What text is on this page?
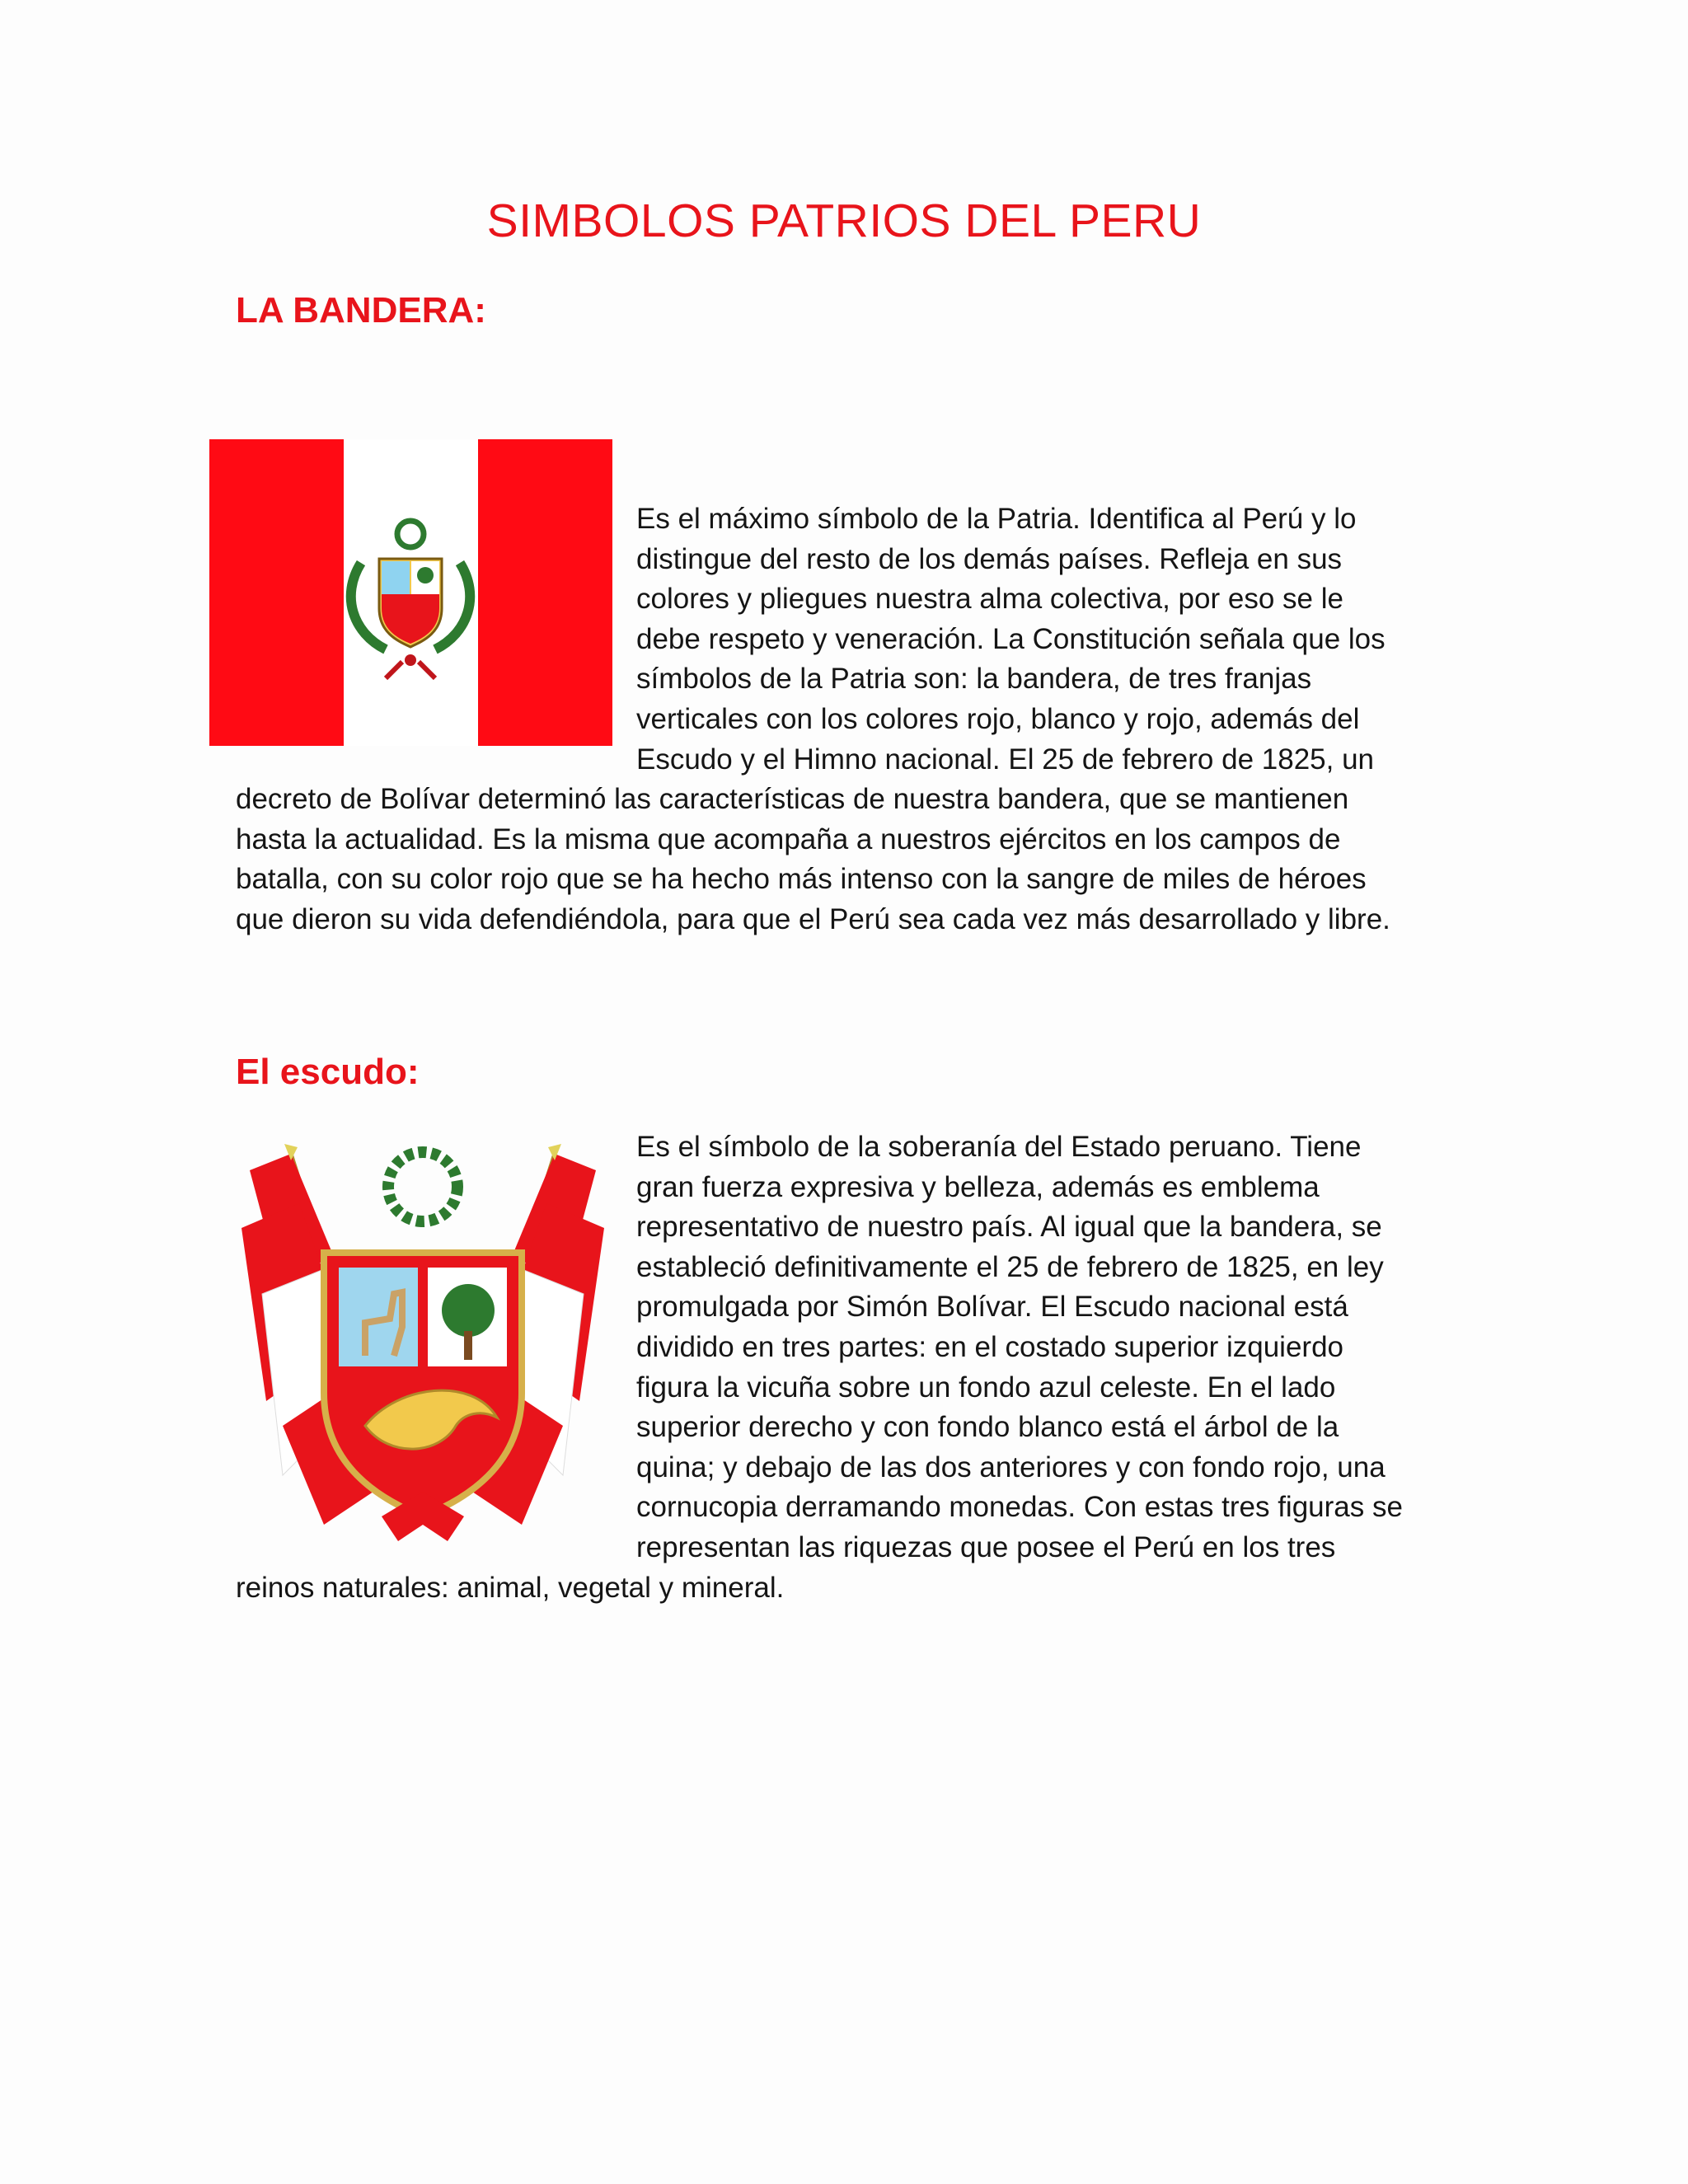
SIMBOLOS PATRIOS DEL PERU
LA BANDERA:

Es el máximo símbolo de la Patria. Identifica al Perú y lo

distingue del resto de los demás países. Refleja en sus

colores y pliegues nuestra alma colectiva, por eso se le

debe respeto y veneración. La Constitución señala que los

símbolos de la Patria son: la bandera, de tres franjas

verticales con los colores rojo, blanco y rojo, además del

Escudo y el Himno nacional. El 25 de febrero de 1825, un

decreto de Bolívar determinó las características de nuestra bandera, que se mantienen

hasta la actualidad. Es la misma que acompaña a nuestros ejércitos en los campos de

batalla, con su color rojo que se ha hecho más intenso con la sangre de miles de héroes

que dieron su vida defendiéndola, para que el Perú sea cada vez más desarrollado y libre.

El escudo:

Es el símbolo de la soberanía del Estado peruano. Tiene

gran fuerza expresiva y belleza, además es emblema

representativo de nuestro país. Al igual que la bandera, se

estableció definitivamente el 25 de febrero de 1825, en ley

promulgada por Simón Bolívar. El Escudo nacional está

dividido en tres partes: en el costado superior izquierdo

figura la vicuña sobre un fondo azul celeste. En el lado

superior derecho y con fondo blanco está el árbol de la

quina; y debajo de las dos anteriores y con fondo rojo, una

cornucopia derramando monedas. Con estas tres figuras se

representan las riquezas que posee el Perú en los tres

reinos naturales: animal, vegetal y mineral.
